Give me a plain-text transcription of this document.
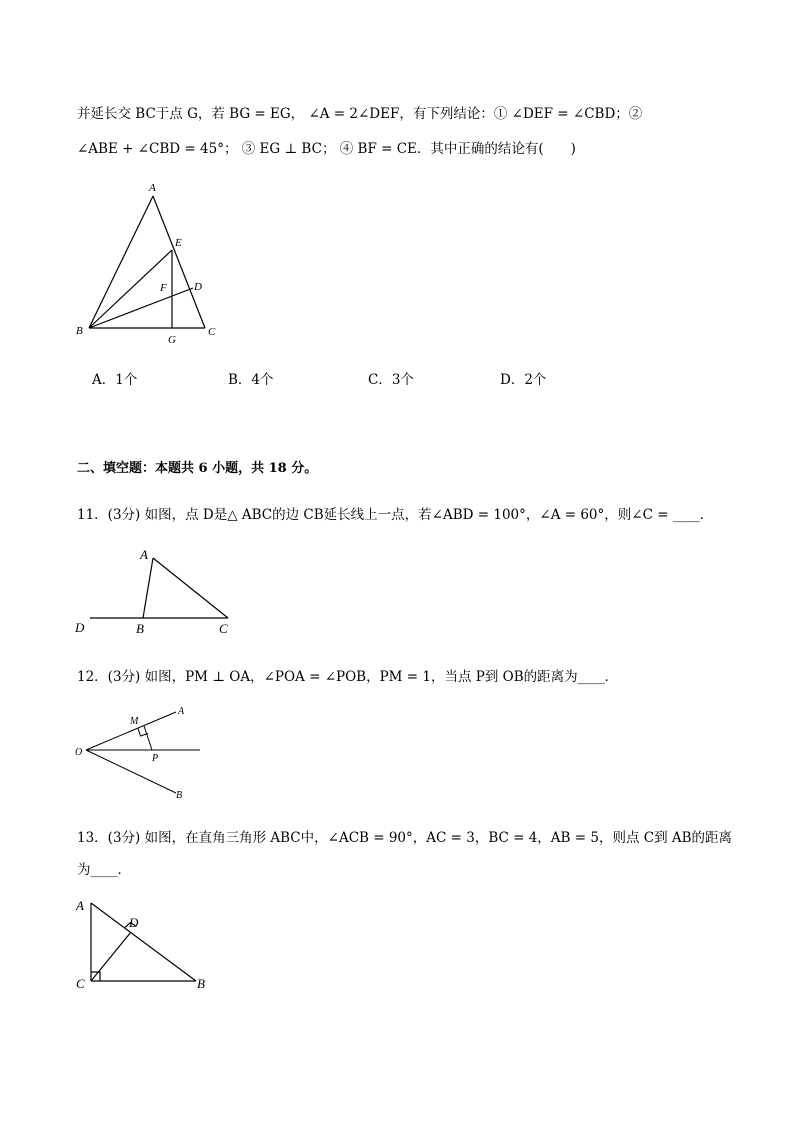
并延长交 BC于点 G，若 BG = EG， ∠A = 2∠DEF，有下列结论：① ∠DEF = ∠CBD；②
∠ABE + ∠CBD = 45°； ③ EG ⊥ BC； ④ BF = CE．其中正确的结论有(　　)
A
E
D
F
B
G
C
A．1个	B．4个	C．3个	D．2个
二、填空题：本题共 6 小题，共 18 分。
11．(3分) 如图，点 D是△ ABC的边 CB延长线上一点，若∠ABD = 100°，∠A = 60°，则∠C = ____．
A
D	B	C
12．(3分) 如图，PM ⊥ OA，∠POA = ∠POB，PM = 1，当点 P到 OB的距离为____．
M
A
O
P
B
13．(3分) 如图，在直角三角形 ABC中，∠ACB = 90°，AC = 3，BC = 4，AB = 5，则点 C到 AB的距离
为____．
A
D
C	B
